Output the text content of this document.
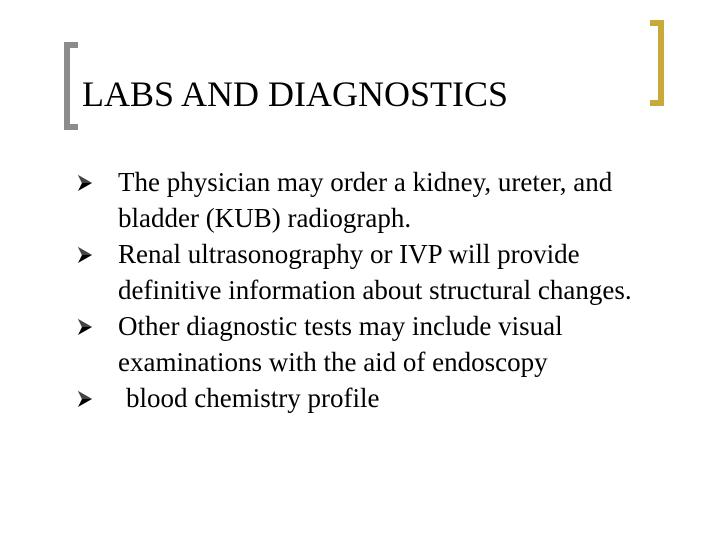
LABS AND DIAGNOSTICS
The physician may order a kidney, ureter, and bladder (KUB) radiograph.
Renal ultrasonography or IVP will provide definitive information about structural changes.
Other diagnostic tests may include visual examinations with the aid of endoscopy
blood chemistry profile
